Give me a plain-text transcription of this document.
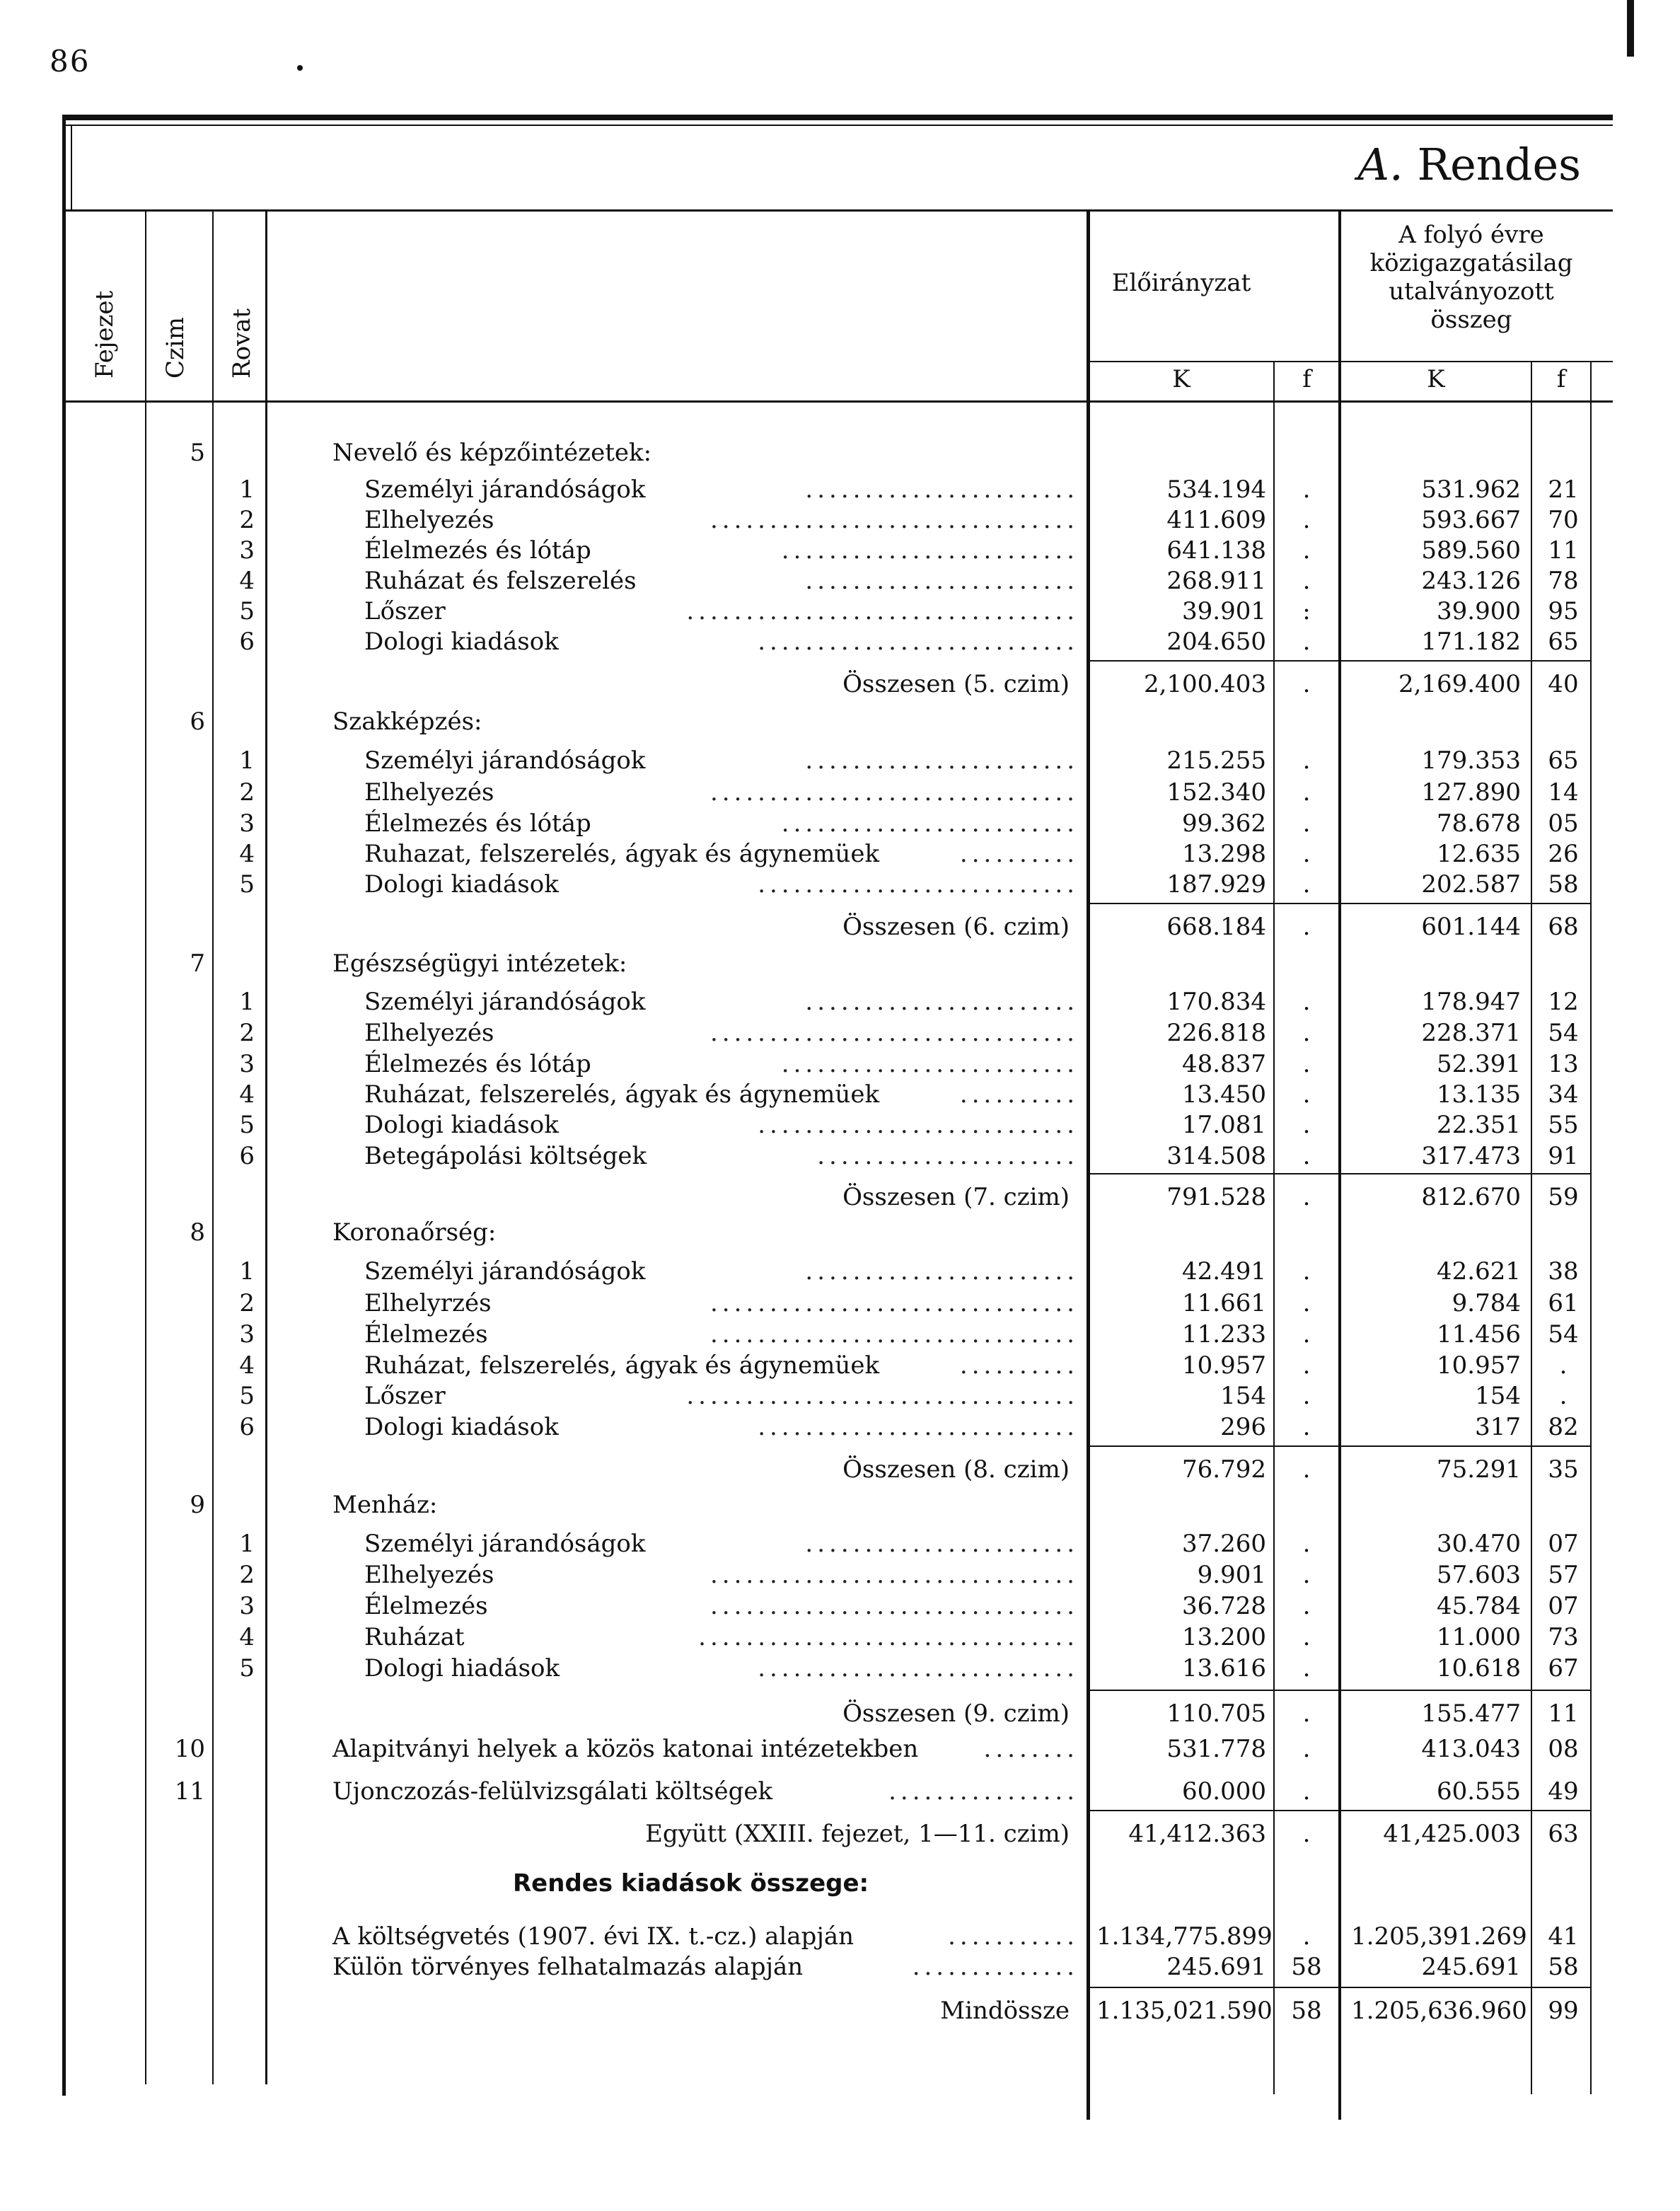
86
A. Rendes
Fejezet Czim Rovat
Előirányzat
A folyó évre
közigazgatásilag
utalványozott
összeg
K	f	K	f
5	Nevelő és képzőintézetek:
1	Személyi járandóságok	.......................	534.194	.	531.962 21
2	Elhelyezés	...............................	411.609	.	593.667 70
3	Élelmezés és lótáp	.........................	641.138	.	589.560 11
4	Ruházat és felszerelés	.......................	268.911	.	243.126 78
5	Lőszer	.................................	39.901	:	39.900 95
6	Dologi kiadások	...........................	204.650	.	171.182 65
Összesen (5. czim)	2,100.403	.	2,169.400 40
6	Szakképzés:
1	Személyi járandóságok	.......................	215.255	.	179.353 65
2	Elhelyezés	...............................	152.340	.	127.890 14
3	Élelmezés és lótáp	.........................	99.362	.	78.678 05
4	Ruhazat, felszerelés, ágyak és ágynemüek	..........	13.298	.	12.635 26
5	Dologi kiadások	...........................	187.929	.	202.587 58
Összesen (6. czim)	668.184	.	601.144 68
7	Egészségügyi intézetek:
1	Személyi járandóságok	.......................	170.834	.	178.947 12
2	Elhelyezés	...............................	226.818	.	228.371 54
3	Élelmezés és lótáp	.........................	48.837	.	52.391 13
4	Ruházat, felszerelés, ágyak és ágynemüek	..........	13.450	.	13.135 34
5	Dologi kiadások	...........................	17.081	.	22.351 55
6	Betegápolási költségek	......................	314.508	.	317.473 91
Összesen (7. czim)	791.528	.	812.670 59
8	Koronaőrség:
1	Személyi járandóságok	.......................	42.491	.	42.621 38
2	Elhelyrzés	...............................	11.661	.	9.784 61
3	Élelmezés	...............................	11.233	.	11.456 54
4	Ruházat, felszerelés, ágyak és ágynemüek	..........	10.957	.	10.957	.
5	Lőszer	.................................	154	.	154	.
6	Dologi kiadások	...........................	296	.	317 82
Összesen (8. czim)	76.792	.	75.291 35
9	Menház:
1	Személyi járandóságok	.......................	37.260	.	30.470 07
2	Elhelyezés	...............................	9.901	.	57.603 57
3	Élelmezés	...............................	36.728	.	45.784 07
4	Ruházat	................................	13.200	.	11.000 73
5	Dologi hiadások	...........................	13.616	.	10.618 67
Összesen (9. czim)	110.705	.	155.477 11
10	Alapitványi helyek a közös katonai intézetekben	........	531.778	.	413.043 08
11	Ujonczozás-felülvizsgálati költségek	................	60.000	.	60.555 49
Együtt (XXIII. fejezet, 1—11. czim)	41,412.363	.	41,425.003 63
Rendes kiadások összege:
A költségvetés (1907. évi IX. t.-cz.) alapján	........... 1.134,775.899	.	1.205,391.269 41
Külön törvényes felhatalmazás alapján	..............	245.691	58	245.691 58
Mindössze 1.135,021.590 58	1.205,636.960 99
